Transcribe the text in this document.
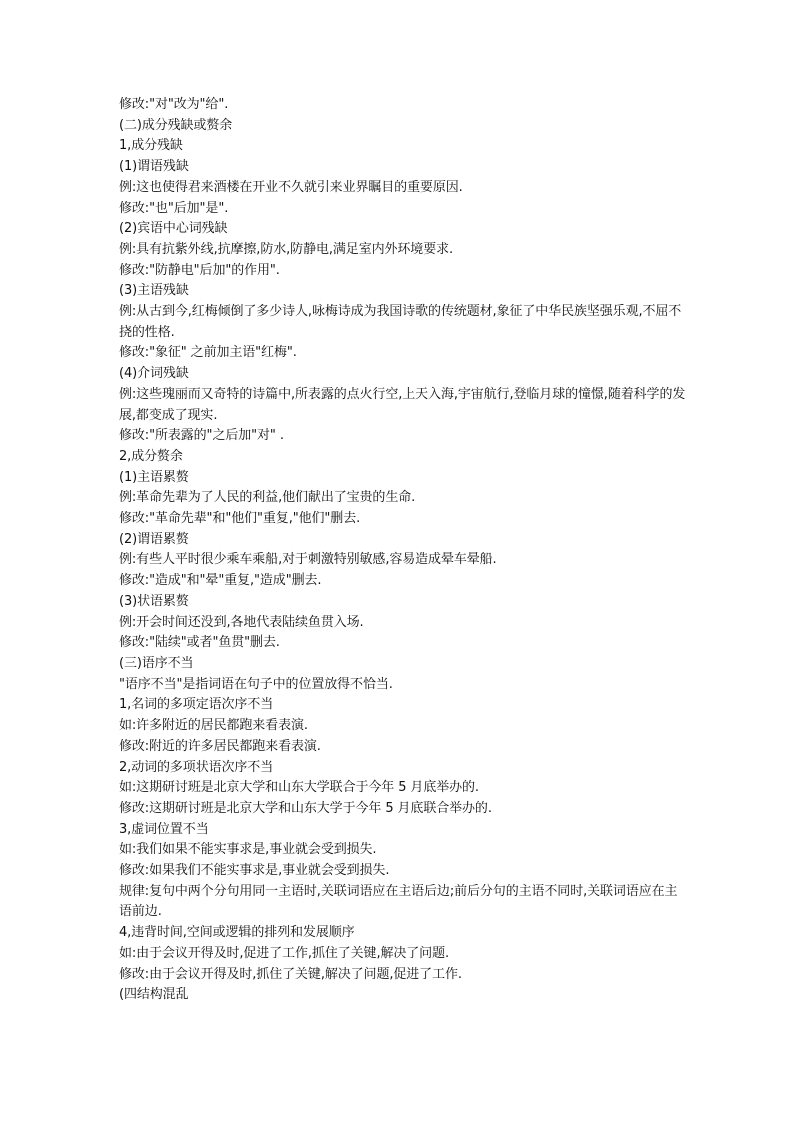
修改:"对"改为"给".
(二)成分残缺或赘余
1,成分残缺
(1)谓语残缺
例:这也使得君来酒楼在开业不久就引来业界瞩目的重要原因.
修改:"也"后加"是".
(2)宾语中心词残缺
例:具有抗紫外线,抗摩擦,防水,防静电,满足室内外环境要求.
修改:"防静电"后加"的作用".
(3)主语残缺
例:从古到今,红梅倾倒了多少诗人,咏梅诗成为我国诗歌的传统题材,象征了中华民族坚强乐观,不屈不挠的性格.
修改:"象征" 之前加主语"红梅".
(4)介词残缺
例:这些瑰丽而又奇特的诗篇中,所表露的点火行空,上天入海,宇宙航行,登临月球的憧憬,随着科学的发展,都变成了现实.
修改:"所表露的"之后加"对" .
2,成分赘余
(1)主语累赘
例:革命先辈为了人民的利益,他们献出了宝贵的生命.
修改:"革命先辈"和"他们"重复,"他们"删去.
(2)谓语累赘
例:有些人平时很少乘车乘船,对于刺激特别敏感,容易造成晕车晕船.
修改:"造成"和"晕"重复,"造成"删去.
(3)状语累赘
例:开会时间还没到,各地代表陆续鱼贯入场.
修改:"陆续"或者"鱼贯"删去.
(三)语序不当
"语序不当"是指词语在句子中的位置放得不恰当.
1,名词的多项定语次序不当
如:许多附近的居民都跑来看表演.
修改:附近的许多居民都跑来看表演.
2,动词的多项状语次序不当
如:这期研讨班是北京大学和山东大学联合于今年 5 月底举办的.
修改:这期研讨班是北京大学和山东大学于今年 5 月底联合举办的.
3,虚词位置不当
如:我们如果不能实事求是,事业就会受到损失.
修改:如果我们不能实事求是,事业就会受到损失.
规律:复句中两个分句用同一主语时,关联词语应在主语后边;前后分句的主语不同时,关联词语应在主语前边.
4,违背时间,空间或逻辑的排列和发展顺序
如:由于会议开得及时,促进了工作,抓住了关键,解决了问题.
修改:由于会议开得及时,抓住了关键,解决了问题,促进了工作.
(四结构混乱
